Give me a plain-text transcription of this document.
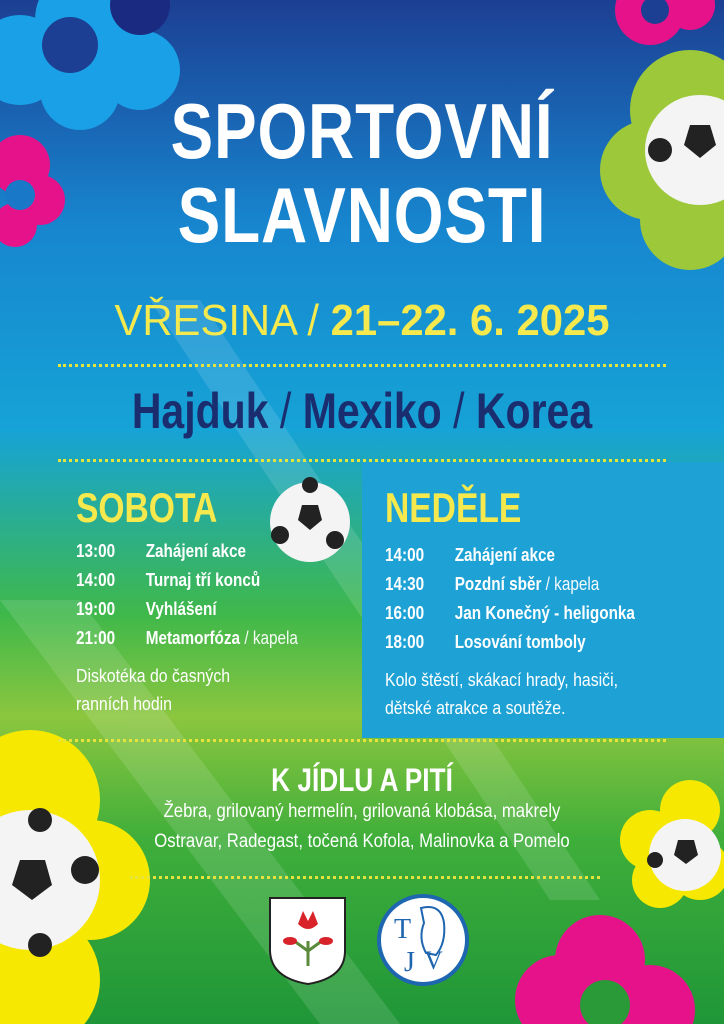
SPORTOVNÍ
SLAVNOSTI
VŘESINA / 21–22. 6. 2025
Hajduk / Mexiko / Korea
SOBOTA
13:00 Zahájení akce
14:00 Turnaj tří konců
19:00 Vyhlášení
21:00 Metamorfóza / kapela
Diskotéka do časných
ranních hodin
NEDĚLE
14:00 Zahájení akce
14:30 Pozdní sběr / kapela
16:00 Jan Konečný - heligonka
18:00 Losování tomboly
Kolo štěstí, skákací hrady, hasiči,
dětské atrakce a soutěže.
K JÍDLU A PITÍ
Žebra, grilovaný hermelín, grilovaná klobása, makrely
Ostravar, Radegast, točená Kofola, Malinovka a Pomelo
T
J V
